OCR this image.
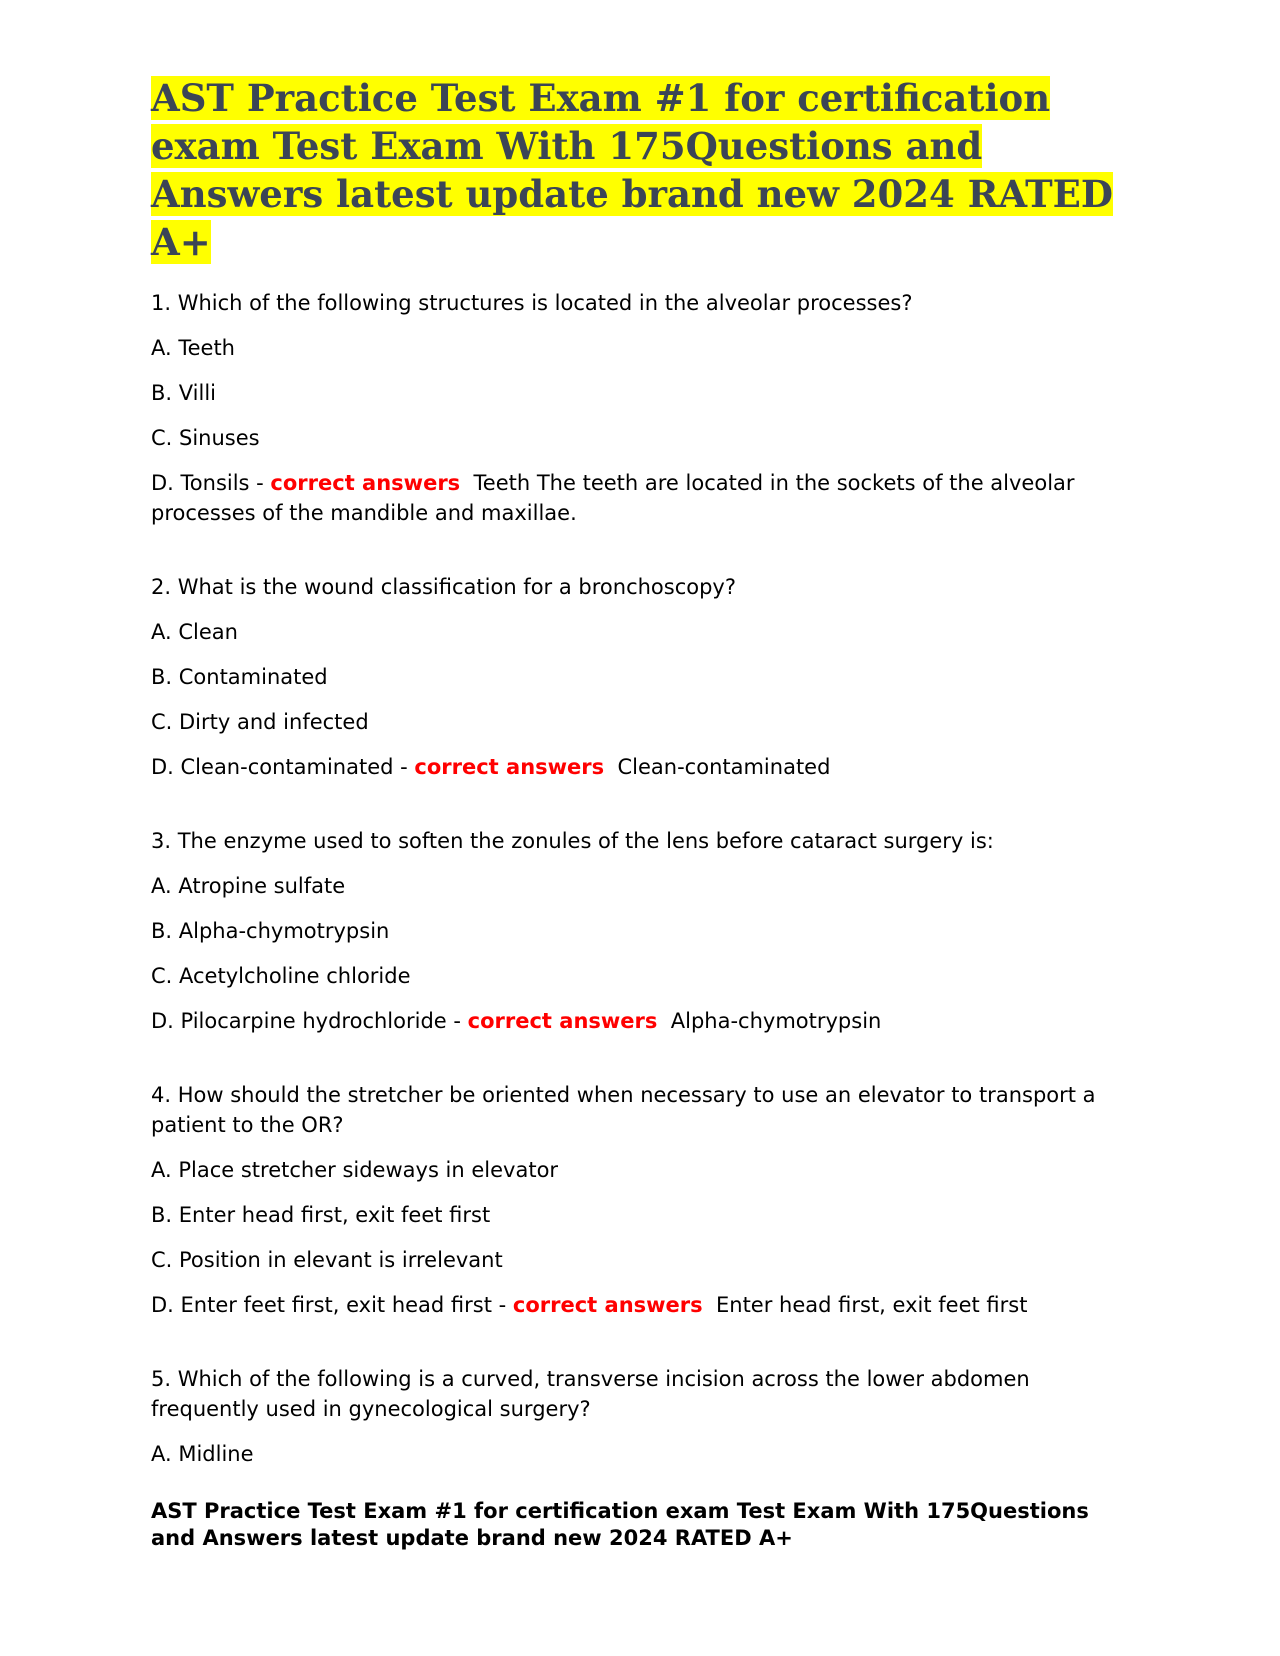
AST Practice Test Exam #1 for certification exam Test Exam With 175Questions and Answers latest update brand new 2024 RATED A+

1. Which of the following structures is located in the alveolar processes?

A. Teeth

B. Villi

C. Sinuses

D. Tonsils - correct answers Teeth The teeth are located in the sockets of the alveolar processes of the mandible and maxillae.

2. What is the wound classification for a bronchoscopy?

A. Clean

B. Contaminated

C. Dirty and infected

D. Clean-contaminated - correct answers Clean-contaminated

3. The enzyme used to soften the zonules of the lens before cataract surgery is:

A. Atropine sulfate

B. Alpha-chymotrypsin

C. Acetylcholine chloride

D. Pilocarpine hydrochloride - correct answers Alpha-chymotrypsin

4. How should the stretcher be oriented when necessary to use an elevator to transport a patient to the OR?

A. Place stretcher sideways in elevator

B. Enter head first, exit feet first

C. Position in elevant is irrelevant

D. Enter feet first, exit head first - correct answers Enter head first, exit feet first

5. Which of the following is a curved, transverse incision across the lower abdomen frequently used in gynecological surgery?

A. Midline

AST Practice Test Exam #1 for certification exam Test Exam With 175Questions and Answers latest update brand new 2024 RATED A+
